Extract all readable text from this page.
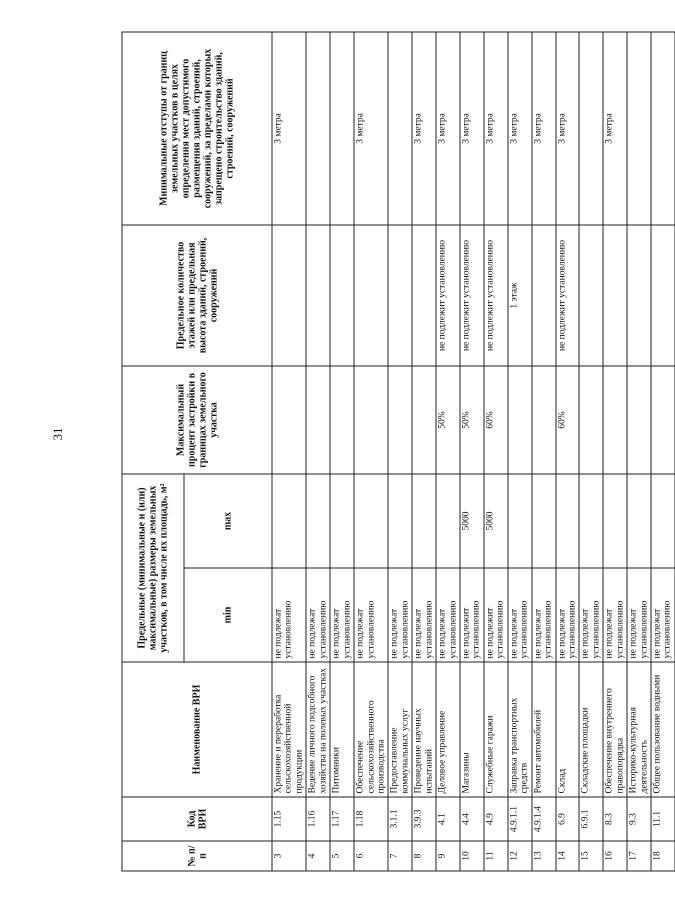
31
№ п/п	Код ВРИ	Наименование ВРИ	Предельные (минимальные и (или) максимальные) размеры земельных участков, в том числе их площадь, м²		Максимальный процент застройки в границах земельного участка	Предельное количество этажей или предельная высота зданий, строений, сооружений	Минимальные отступы от границ земельных участков в целях определения мест допустимого размещения зданий, строений, сооружений, за пределами которых запрещено строительство зданий, строений, сооружений
			min	max			
3	1.15	Хранение и переработка сельскохозяйственной продукции	не подлежат установлению				3 метра
4	1.16	Ведение личного подсобного хозяйства на полевых участках	не подлежат установлению				
5	1.17	Питомники	не подлежат установлению				
6	1.18	Обеспечение сельскохозяйственного производства	не подлежат установлению				3 метра
7	3.1.1	Предоставление коммунальных услуг	не подлежат установлению				
8	3.9.3	Проведение научных испытаний	не подлежат установлению				3 метра
9	4.1	Деловое управление	не подлежат установлению		50%	не подлежит установлению	3 метра
10	4.4	Магазины	не подлежит установлению	5000	50%	не подлежит установлению	3 метра
11	4.9	Служебные гаражи	не подлежит установлению	5000	60%	не подлежит установлению	3 метра
12	4.9.1.1	Заправка транспортных средств	не подлежат установлению			1 этаж	3 метра
13	4.9.1.4	Ремонт автомобилей	не подлежат установлению				3 метра
14	6.9	Склад	не подлежат установлению		60%	не подлежит установлению	3 метра
15	6.9.1	Складские площадки	не подлежат установлению				
16	8.3	Обеспечение внутреннего правопорядка	не подлежат установлению				3 метра
17	9.3	Историко-культурная деятельность	не подлежат установлению				
18	11.1	Общее пользование водными	не подлежат установлению				
